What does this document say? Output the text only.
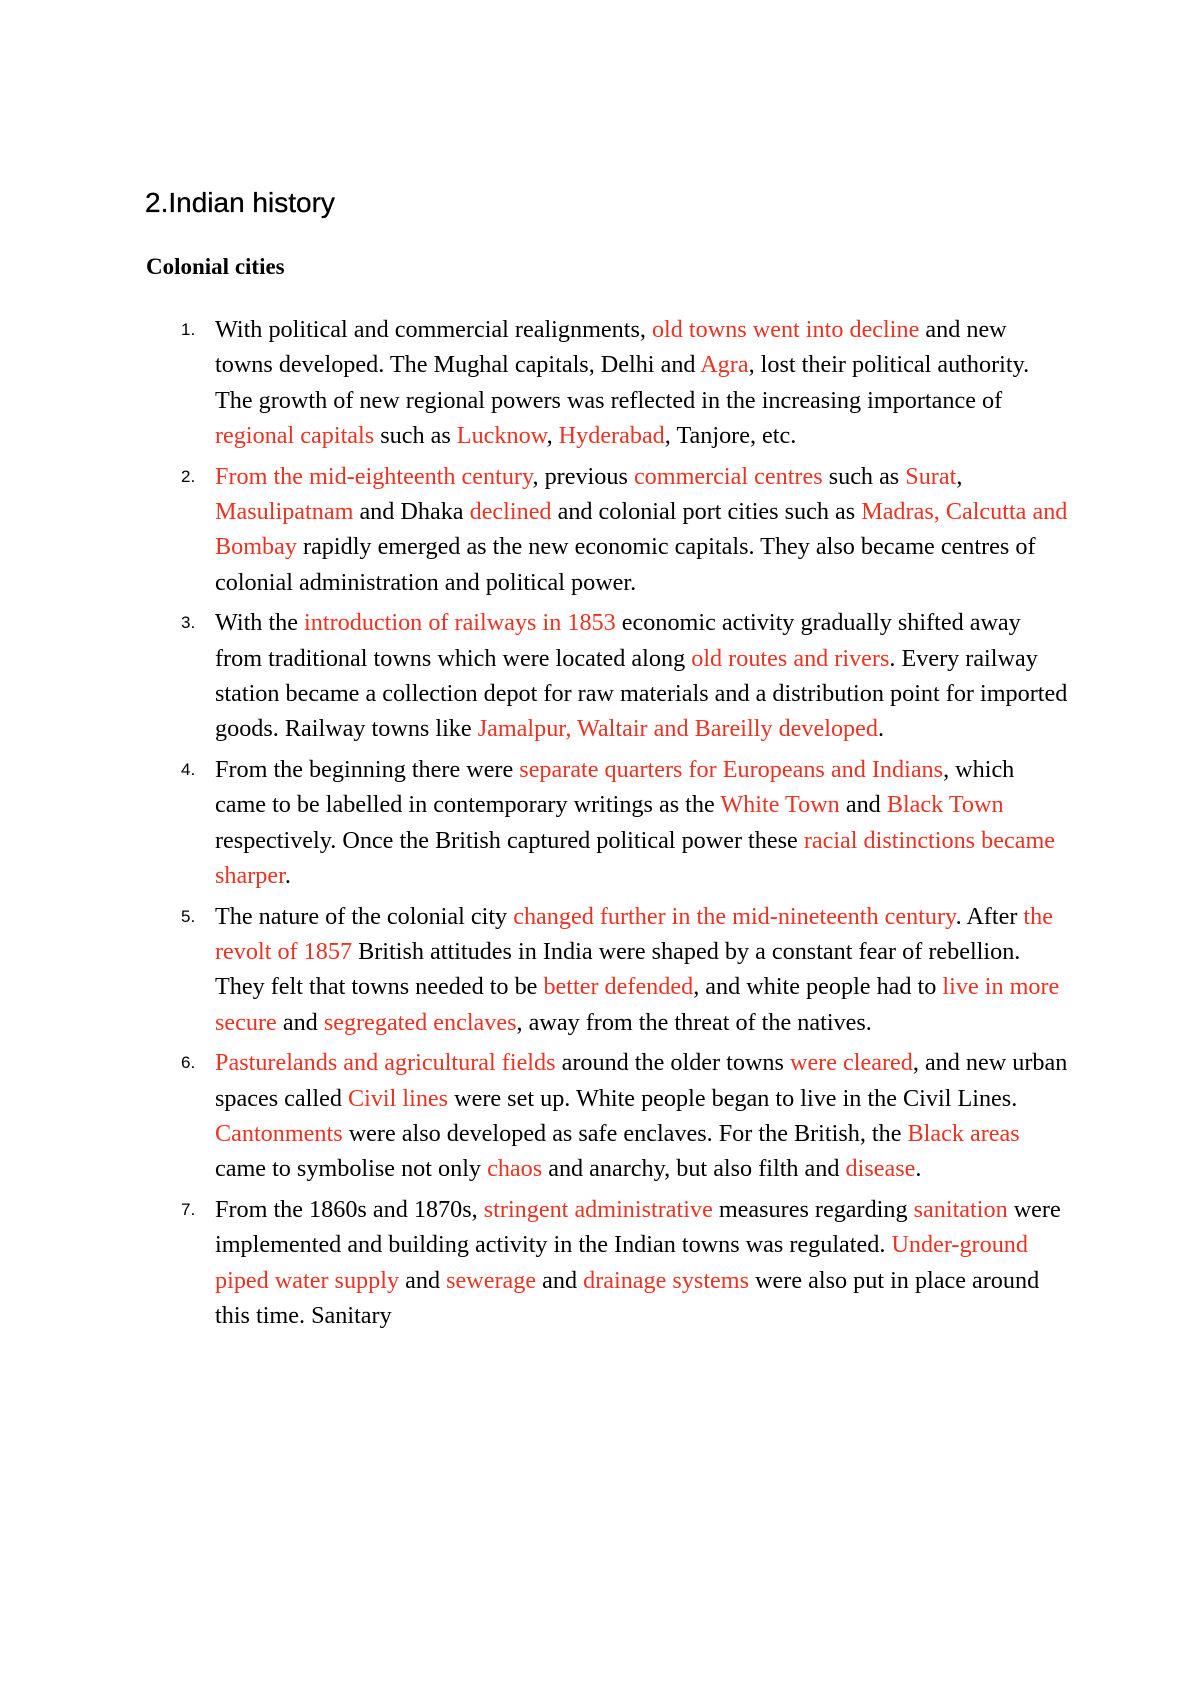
2.Indian history
Colonial cities
1. With political and commercial realignments, old towns went into decline and new towns developed. The Mughal capitals, Delhi and Agra, lost their political authority. The growth of new regional powers was reflected in the increasing importance of regional capitals such as Lucknow, Hyderabad, Tanjore, etc.
2. From the mid-eighteenth century, previous commercial centres such as Surat, Masulipatnam and Dhaka declined and colonial port cities such as Madras, Calcutta and Bombay rapidly emerged as the new economic capitals. They also became centres of colonial administration and political power.
3. With the introduction of railways in 1853 economic activity gradually shifted away from traditional towns which were located along old routes and rivers. Every railway station became a collection depot for raw materials and a distribution point for imported goods. Railway towns like Jamalpur, Waltair and Bareilly developed.
4. From the beginning there were separate quarters for Europeans and Indians, which came to be labelled in contemporary writings as the White Town and Black Town respectively. Once the British captured political power these racial distinctions became sharper.
5. The nature of the colonial city changed further in the mid-nineteenth century. After the revolt of 1857 British attitudes in India were shaped by a constant fear of rebellion. They felt that towns needed to be better defended, and white people had to live in more secure and segregated enclaves, away from the threat of the natives.
6. Pasturelands and agricultural fields around the older towns were cleared, and new urban spaces called Civil lines were set up. White people began to live in the Civil Lines. Cantonments were also developed as safe enclaves. For the British, the Black areas came to symbolise not only chaos and anarchy, but also filth and disease.
7. From the 1860s and 1870s, stringent administrative measures regarding sanitation were implemented and building activity in the Indian towns was regulated. Under-ground piped water supply and sewerage and drainage systems were also put in place around this time. Sanitary
